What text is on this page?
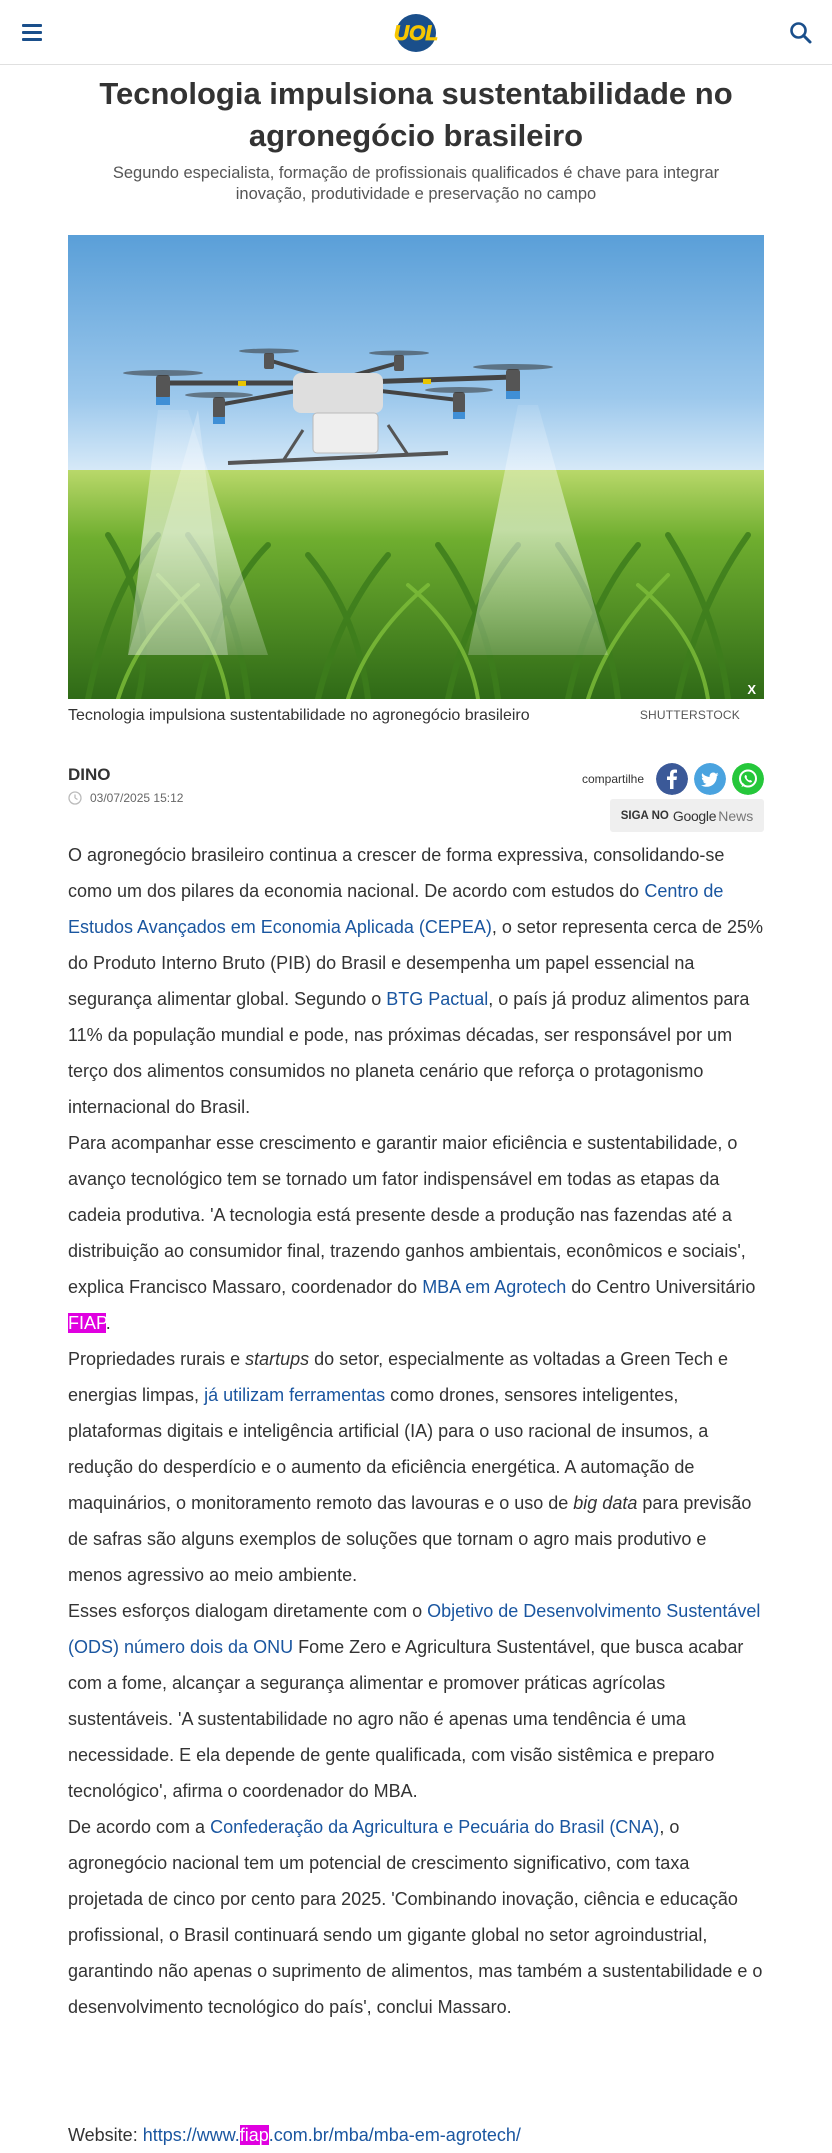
UOL
Tecnologia impulsiona sustentabilidade no agronegócio brasileiro
Segundo especialista, formação de profissionais qualificados é chave para integrar inovação, produtividade e preservação no campo
X
Tecnologia impulsiona sustentabilidade no agronegócio brasileiro	SHUTTERSTOCK
DINO
03/07/2025 15:12
compartilhe
SIGA NO Google News

O agronegócio brasileiro continua a crescer de forma expressiva, consolidando-se como um dos pilares da economia nacional. De acordo com estudos do Centro de Estudos Avançados em Economia Aplicada (CEPEA), o setor representa cerca de 25% do Produto Interno Bruto (PIB) do Brasil e desempenha um papel essencial na segurança alimentar global. Segundo o BTG Pactual, o país já produz alimentos para 11% da população mundial e pode, nas próximas décadas, ser responsável por um terço dos alimentos consumidos no planeta cenário que reforça o protagonismo internacional do Brasil.

Para acompanhar esse crescimento e garantir maior eficiência e sustentabilidade, o avanço tecnológico tem se tornado um fator indispensável em todas as etapas da cadeia produtiva. 'A tecnologia está presente desde a produção nas fazendas até a distribuição ao consumidor final, trazendo ganhos ambientais, econômicos e sociais', explica Francisco Massaro, coordenador do MBA em Agrotech do Centro Universitário FIAP.

Propriedades rurais e startups do setor, especialmente as voltadas a Green Tech e energias limpas, já utilizam ferramentas como drones, sensores inteligentes, plataformas digitais e inteligência artificial (IA) para o uso racional de insumos, a redução do desperdício e o aumento da eficiência energética. A automação de maquinários, o monitoramento remoto das lavouras e o uso de big data para previsão de safras são alguns exemplos de soluções que tornam o agro mais produtivo e menos agressivo ao meio ambiente.

Esses esforços dialogam diretamente com o Objetivo de Desenvolvimento Sustentável (ODS) número dois da ONU Fome Zero e Agricultura Sustentável, que busca acabar com a fome, alcançar a segurança alimentar e promover práticas agrícolas sustentáveis. 'A sustentabilidade no agro não é apenas uma tendência é uma necessidade. E ela depende de gente qualificada, com visão sistêmica e preparo tecnológico', afirma o coordenador do MBA.

De acordo com a Confederação da Agricultura e Pecuária do Brasil (CNA), o agronegócio nacional tem um potencial de crescimento significativo, com taxa projetada de cinco por cento para 2025. 'Combinando inovação, ciência e educação profissional, o Brasil continuará sendo um gigante global no setor agroindustrial, garantindo não apenas o suprimento de alimentos, mas também a sustentabilidade e o desenvolvimento tecnológico do país', conclui Massaro.

Website: https://www.fiap.com.br/mba/mba-em-agrotech/
